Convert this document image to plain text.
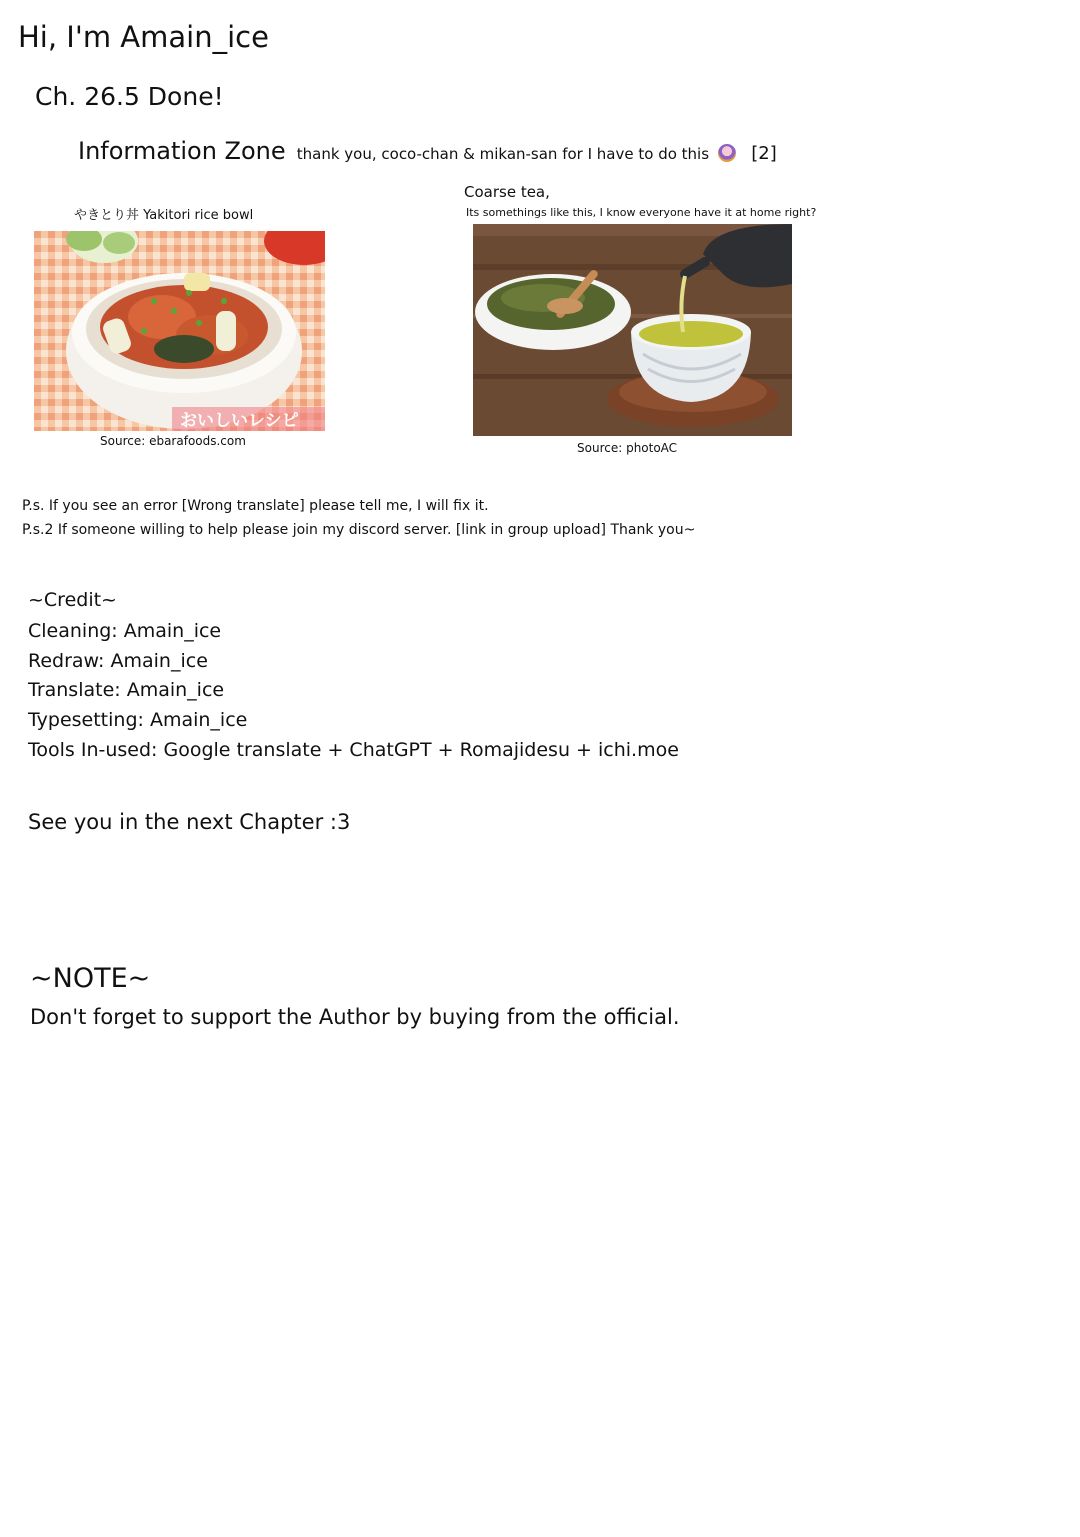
Hi, I'm Amain_ice
Ch. 26.5 Done!
Information Zone thank you, coco-chan & mikan-san for I have to do this [2]
やきとり丼 Yakitori rice bowl
おいしいレシピ
Source: ebarafoods.com
Coarse tea,
Its somethings like this, I know everyone have it at home right?
Source: photoAC
P.s. If you see an error [Wrong translate] please tell me, I will fix it.
P.s.2 If someone willing to help please join my discord server. [link in group upload] Thank you~
~Credit~
Cleaning: Amain_ice
Redraw: Amain_ice
Translate: Amain_ice
Typesetting: Amain_ice
Tools In-used: Google translate + ChatGPT + Romajidesu + ichi.moe
See you in the next Chapter :3
~NOTE~
Don't forget to support the Author by buying from the official.
